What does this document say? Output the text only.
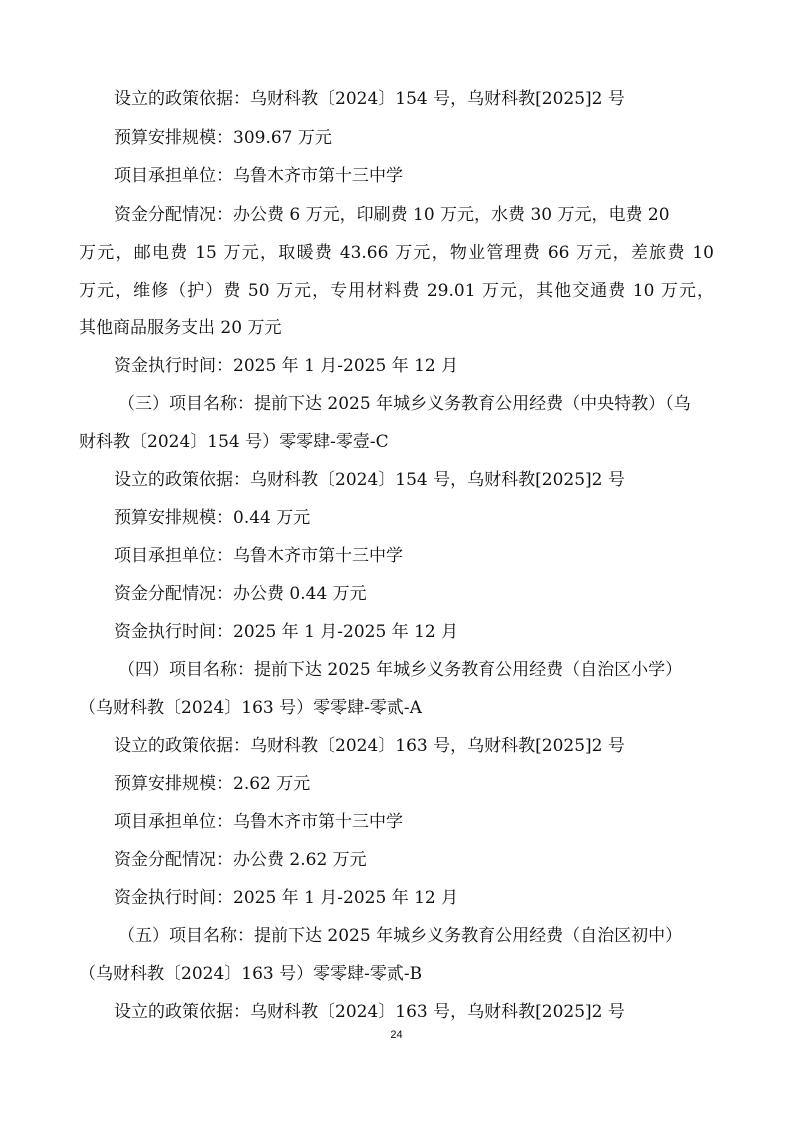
设立的政策依据：乌财科教〔2024〕154 号，乌财科教[2025]2 号
预算安排规模：309.67 万元
项目承担单位：乌鲁木齐市第十三中学
资金分配情况：办公费 6 万元，印刷费 10 万元，水费 30 万元，电费 20
万元，邮电费 15 万元，取暖费 43.66 万元，物业管理费 66 万元，差旅费 10
万元，维修（护）费 50 万元，专用材料费 29.01 万元，其他交通费 10 万元，
其他商品服务支出 20 万元
资金执行时间：2025 年 1 月-2025 年 12 月
（三）项目名称：提前下达 2025 年城乡义务教育公用经费（中央特教）（乌
财科教〔2024〕154 号）零零肆-零壹-C
设立的政策依据：乌财科教〔2024〕154 号，乌财科教[2025]2 号
预算安排规模：0.44 万元
项目承担单位：乌鲁木齐市第十三中学
资金分配情况：办公费 0.44 万元
资金执行时间：2025 年 1 月-2025 年 12 月
（四）项目名称：提前下达 2025 年城乡义务教育公用经费（自治区小学）
（乌财科教〔2024〕163 号）零零肆-零贰-A
设立的政策依据：乌财科教〔2024〕163 号，乌财科教[2025]2 号
预算安排规模：2.62 万元
项目承担单位：乌鲁木齐市第十三中学
资金分配情况：办公费 2.62 万元
资金执行时间：2025 年 1 月-2025 年 12 月
（五）项目名称：提前下达 2025 年城乡义务教育公用经费（自治区初中）
（乌财科教〔2024〕163 号）零零肆-零贰-B
设立的政策依据：乌财科教〔2024〕163 号，乌财科教[2025]2 号
24
